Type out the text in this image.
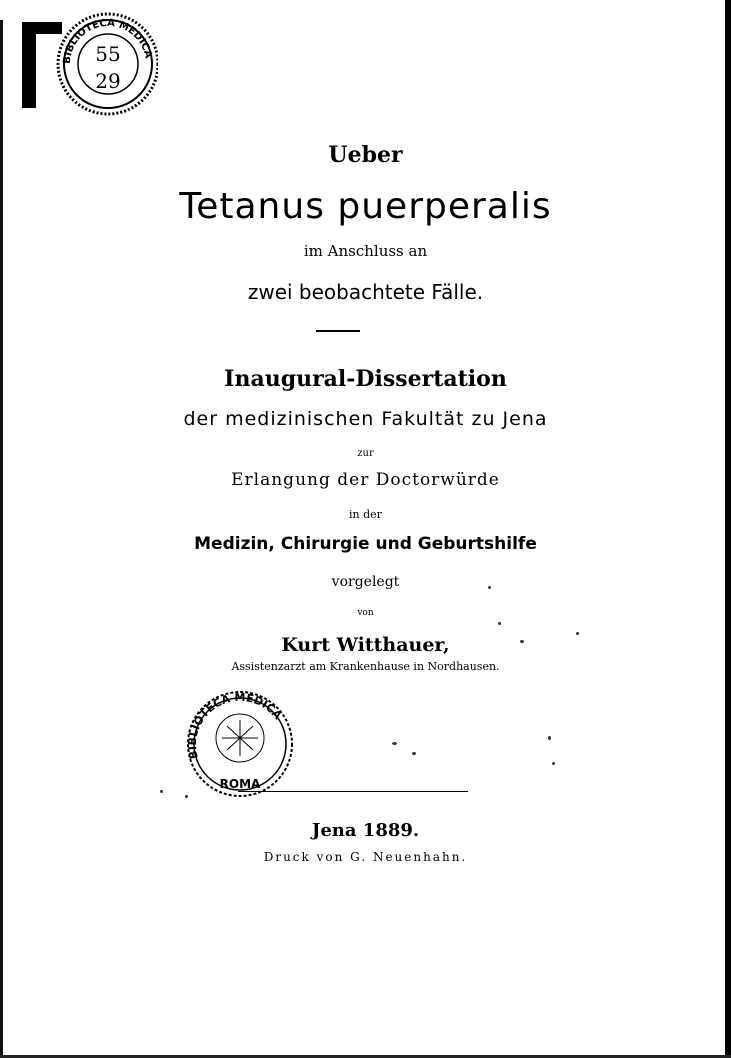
BIBLIOTECA MEDICA
55
29
Ueber
Tetanus puerperalis
im Anschluss an
zwei beobachtete Fälle.
Inaugural-Dissertation
der medizinischen Fakultät zu Jena
zur
Erlangung der Doctorwürde
in der
Medizin, Chirurgie und Geburtshilfe
vorgelegt
von
Kurt Witthauer,
Assistenzarzt am Krankenhause in Nordhausen.
BIBLIOTECA MEDICA
ROMA
Jena 1889.
Druck von G. Neuenhahn.
